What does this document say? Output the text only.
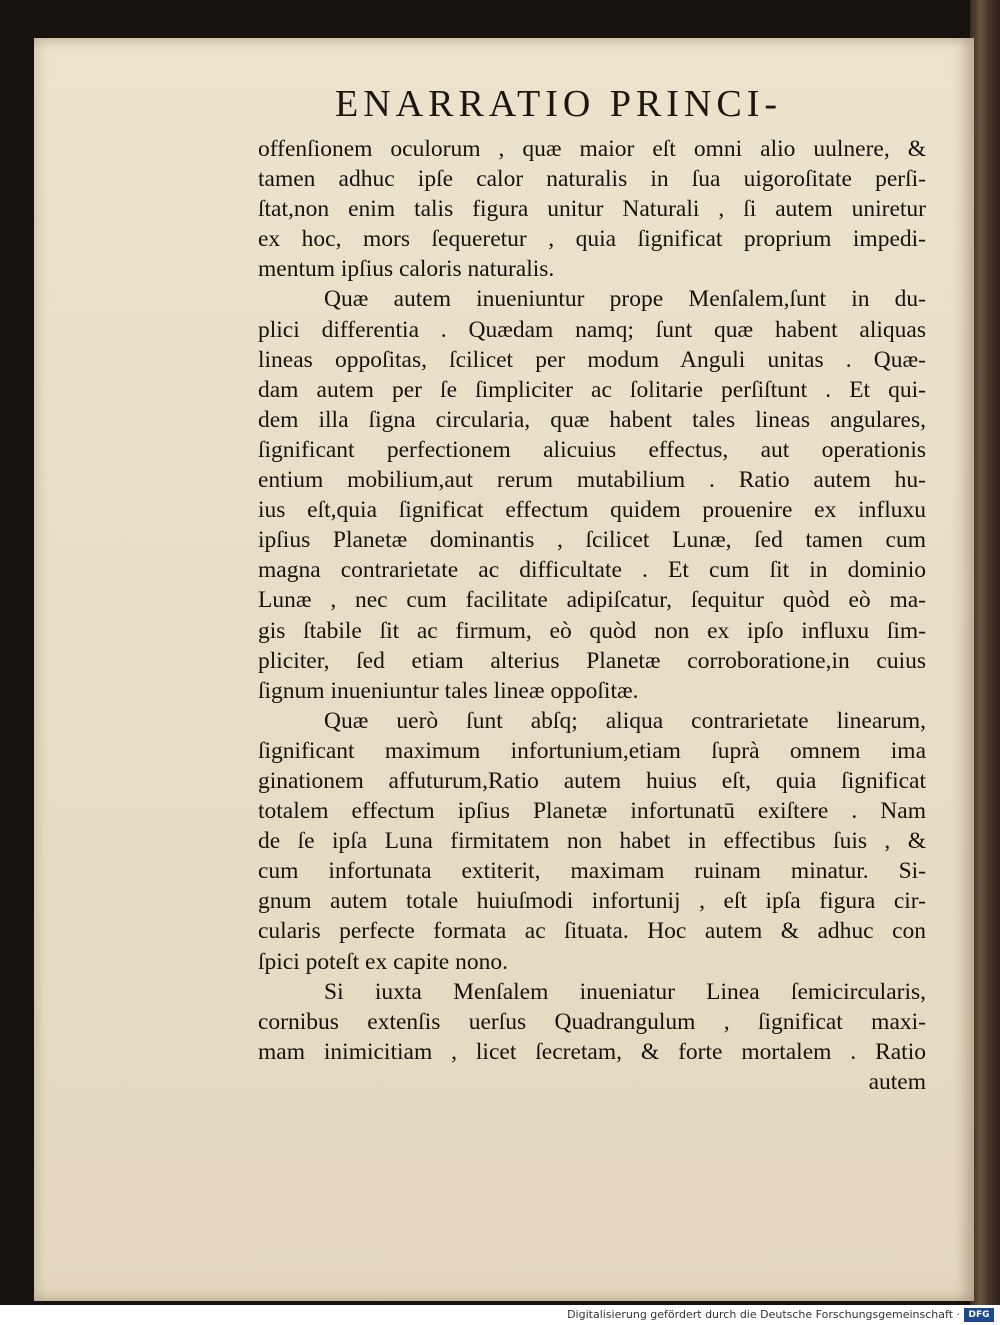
ENARRATIO PRINCI-
offenſionem oculorum , quæ maior eſt omni alio uulnere, &
tamen adhuc ipſe calor naturalis in ſua uigoroſitate perſi-
ſtat,non enim talis figura unitur Naturali , ſi autem uniretur
ex hoc, mors ſequeretur , quia ſignificat proprium impedi-
mentum ipſius caloris naturalis.
Quæ autem inueniuntur prope Menſalem,ſunt in du-
plici differentia . Quædam namq; ſunt quæ habent aliquas
lineas oppoſitas, ſcilicet per modum Anguli unitas . Quæ-
dam autem per ſe ſimpliciter ac ſolitarie perſiſtunt . Et qui-
dem illa ſigna circularia, quæ habent tales lineas angulares,
ſignificant perfectionem alicuius effectus, aut operationis
entium mobilium,aut rerum mutabilium . Ratio autem hu-
ius eſt,quia ſignificat effectum quidem prouenire ex influxu
ipſius Planetæ dominantis , ſcilicet Lunæ, ſed tamen cum
magna contrarietate ac difficultate . Et cum ſit in dominio
Lunæ , nec cum facilitate adipiſcatur, ſequitur quòd eò ma-
gis ſtabile ſit ac firmum, eò quòd non ex ipſo influxu ſim-
pliciter, ſed etiam alterius Planetæ corroboratione,in cuius
ſignum inueniuntur tales lineæ oppoſitæ.
Quæ uerò ſunt abſq; aliqua contrarietate linearum,
ſignificant maximum infortunium,etiam ſuprà omnem ima
ginationem affuturum,Ratio autem huius eſt, quia ſignificat
totalem effectum ipſius Planetæ infortunatū exiſtere . Nam
de ſe ipſa Luna firmitatem non habet in effectibus ſuis , &
cum infortunata extiterit, maximam ruinam minatur. Si-
gnum autem totale huiuſmodi infortunij , eſt ipſa figura cir-
cularis perfecte formata ac ſituata. Hoc autem & adhuc con
ſpici poteſt ex capite nono.
Si iuxta Menſalem inueniatur Linea ſemicircularis,
cornibus extenſis uerſus Quadrangulum , ſignificat maxi-
mam inimicitiam , licet ſecretam, & forte mortalem . Ratio
autem
Digitalisierung gefördert durch die Deutsche Forschungsgemeinschaft · DFG
